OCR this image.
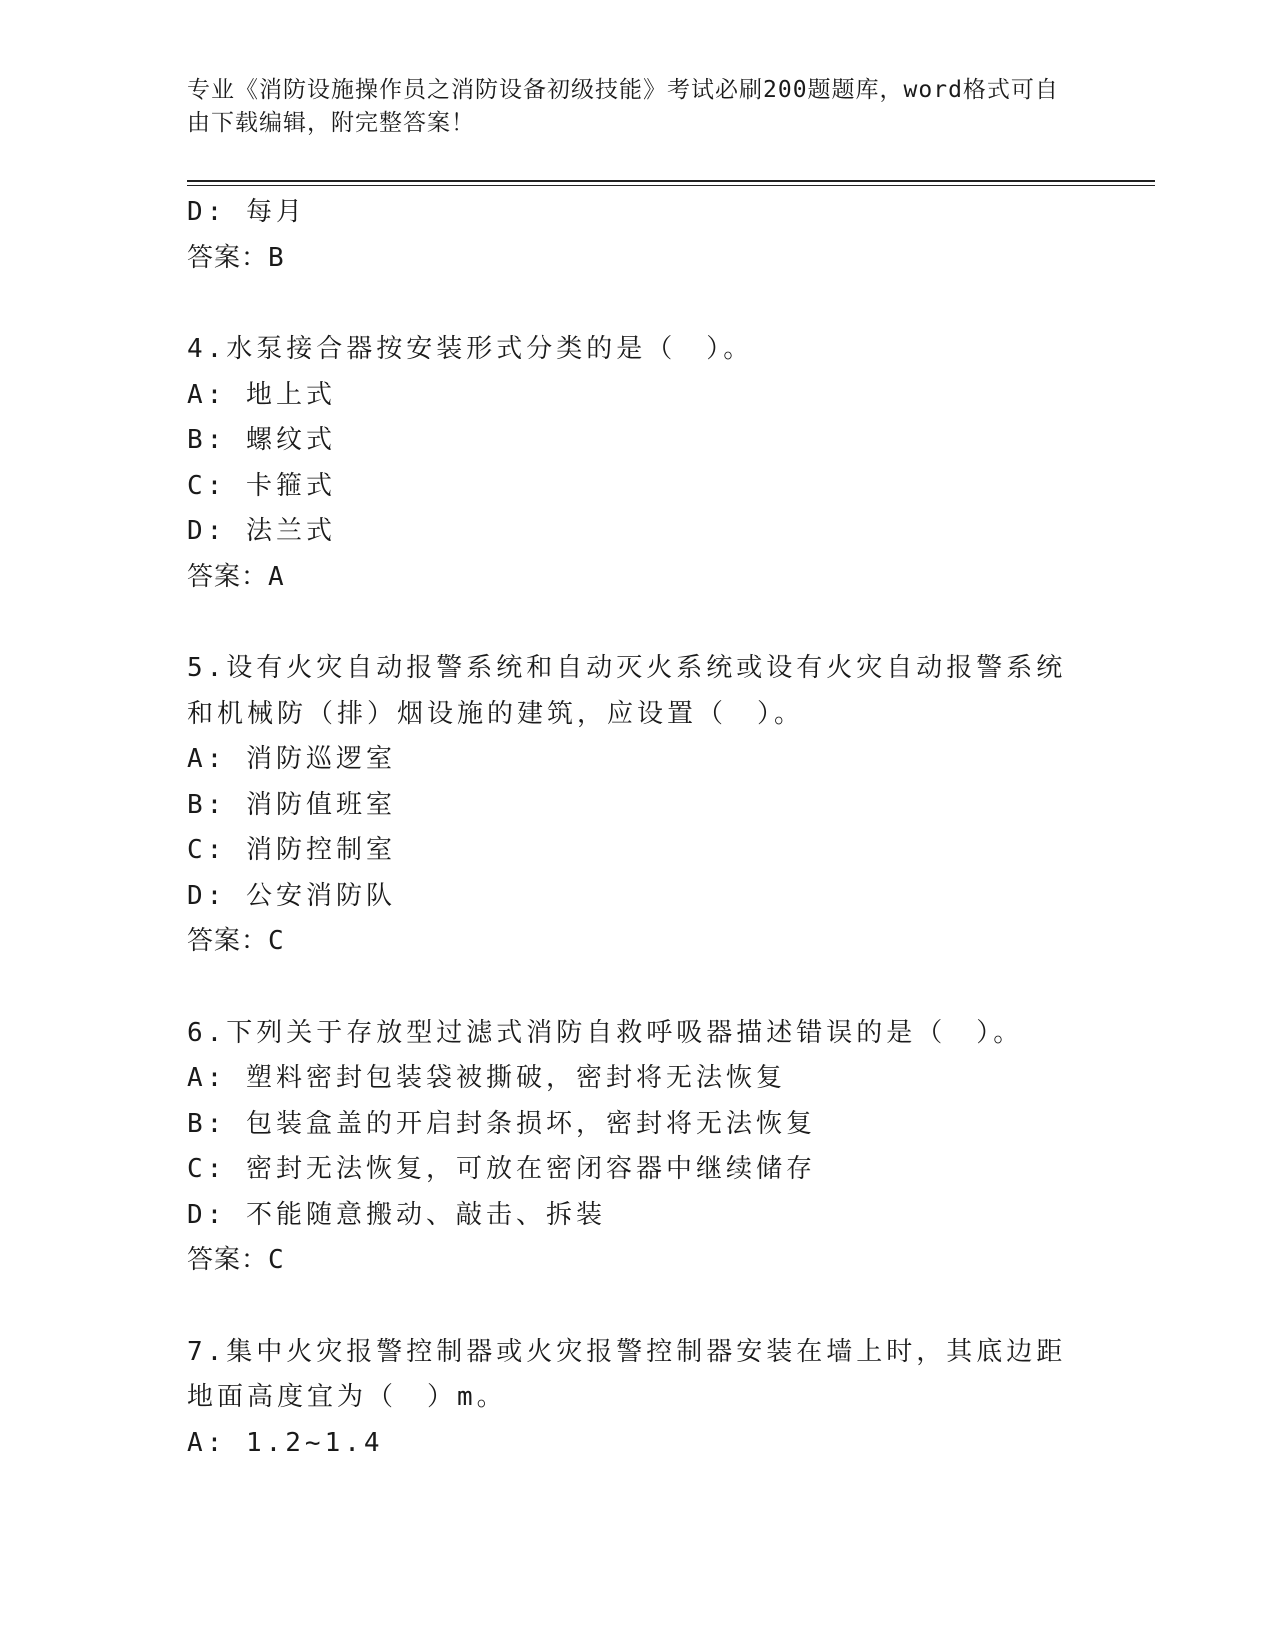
专业《消防设施操作员之消防设备初级技能》考试必刷200题题库，word格式可自由下载编辑，附完整答案！
D: 每月
答案：B
4.水泵接合器按安装形式分类的是（　）。
A: 地上式
B: 螺纹式
C: 卡箍式
D: 法兰式
答案：A
5.设有火灾自动报警系统和自动灭火系统或设有火灾自动报警系统和机械防（排）烟设施的建筑，应设置（　）。
A: 消防巡逻室
B: 消防值班室
C: 消防控制室
D: 公安消防队
答案：C
6.下列关于存放型过滤式消防自救呼吸器描述错误的是（　）。
A: 塑料密封包装袋被撕破，密封将无法恢复
B: 包装盒盖的开启封条损坏，密封将无法恢复
C: 密封无法恢复，可放在密闭容器中继续储存
D: 不能随意搬动、敲击、拆装
答案：C
7.集中火灾报警控制器或火灾报警控制器安装在墙上时，其底边距地面高度宜为（　）m。
A: 1.2~1.4
